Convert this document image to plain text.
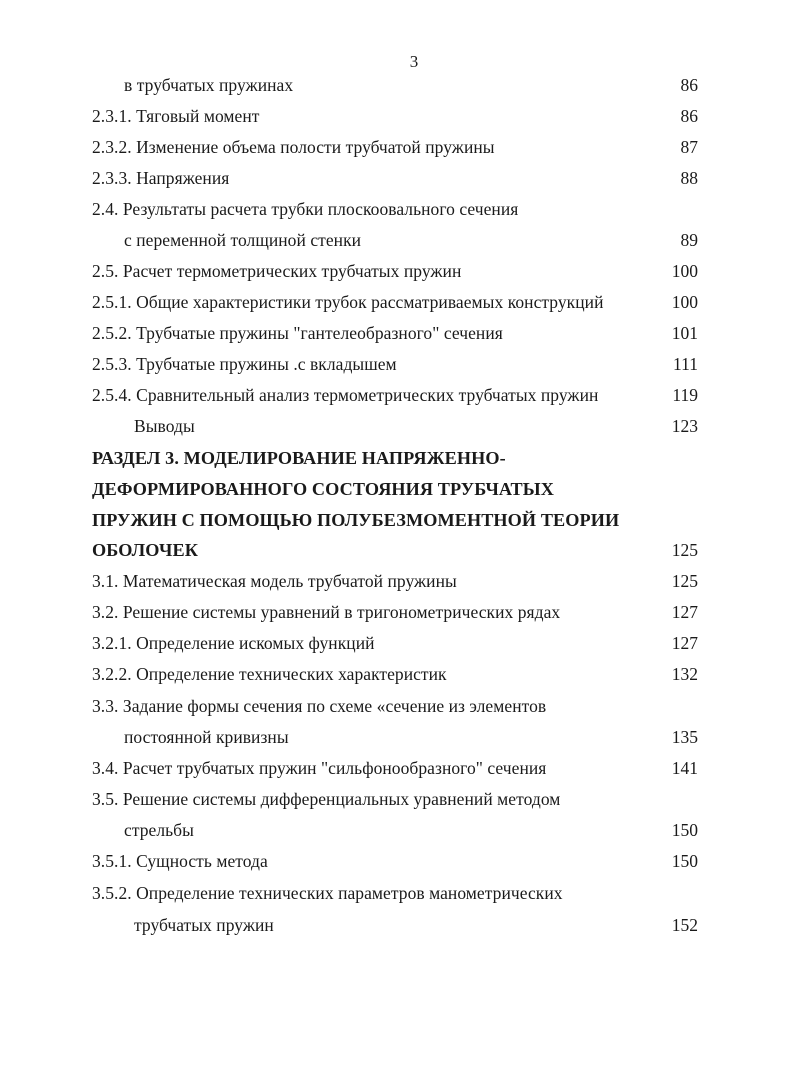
3
в трубчатых пружинах	86
2.3.1. Тяговый момент	86
2.3.2. Изменение объема полости трубчатой пружины	87
2.3.3. Напряжения	88
2.4. Результаты расчета трубки плоскоовального сечения
с переменной толщиной стенки	89
2.5. Расчет термометрических трубчатых пружин	100
2.5.1. Общие характеристики трубок рассматриваемых конструкций	100
2.5.2. Трубчатые пружины "гантелеобразного" сечения	101
2.5.3. Трубчатые пружины .с вкладышем	111
2.5.4. Сравнительный анализ термометрических трубчатых пружин	119
Выводы	123
РАЗДЕЛ 3. МОДЕЛИРОВАНИЕ НАПРЯЖЕННО-
ДЕФОРМИРОВАННОГО СОСТОЯНИЯ ТРУБЧАТЫХ
ПРУЖИН С ПОМОЩЬЮ ПОЛУБЕЗМОМЕНТНОЙ ТЕОРИИ
ОБОЛОЧЕК	125
3.1. Математическая модель трубчатой пружины	125
3.2. Решение системы уравнений в тригонометрических рядах	127
3.2.1. Определение искомых функций	127
3.2.2. Определение технических характеристик	132
3.3. Задание формы сечения по схеме «сечение из элементов
постоянной кривизны	135
3.4. Расчет трубчатых пружин "сильфонообразного" сечения	141
3.5. Решение системы дифференциальных уравнений методом
стрельбы	150
3.5.1. Сущность метода	150
3.5.2. Определение технических параметров манометрических
трубчатых пружин	152
